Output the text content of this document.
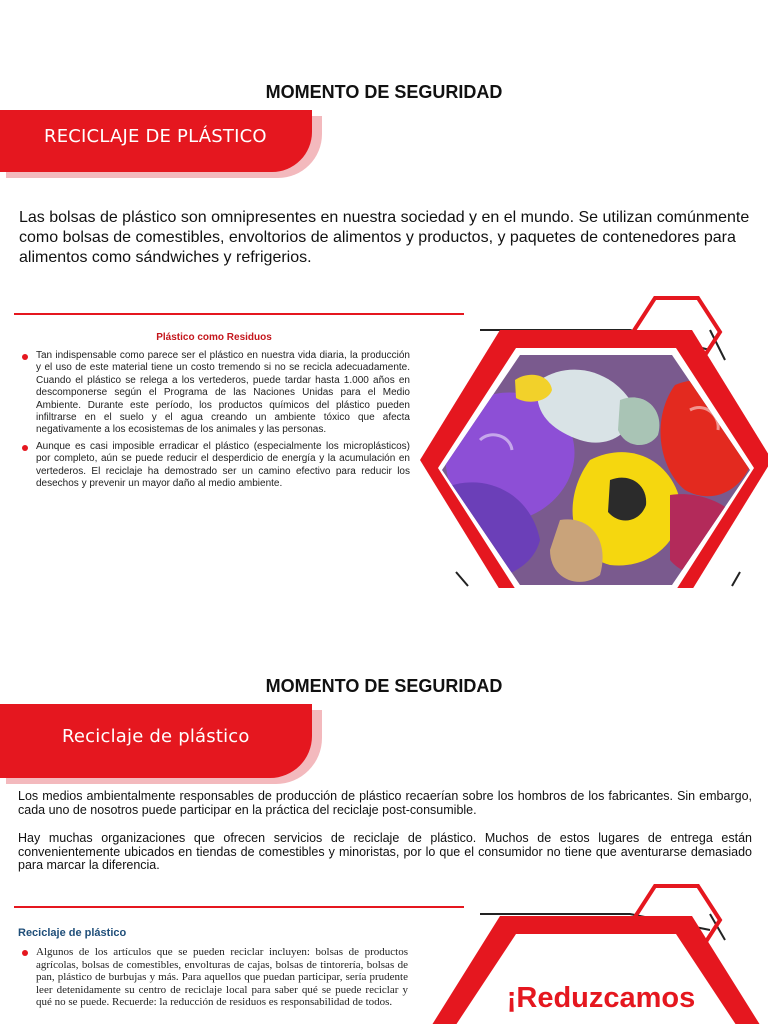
MOMENTO DE SEGURIDAD
RECICLAJE DE PLÁSTICO
Las bolsas de plástico son omnipresentes en nuestra sociedad y en el mundo. Se utilizan comúnmente como bolsas de comestibles, envoltorios de alimentos y productos, y paquetes de contenedores para alimentos como sándwiches y refrigerios.
Plástico como Residuos
Tan indispensable como parece ser el plástico en nuestra vida diaria, la producción y el uso de este material tiene un costo tremendo si no se recicla adecuadamente. Cuando el plástico se relega a los vertederos, puede tardar hasta 1.000 años en descomponerse según el Programa de las Naciones Unidas para el Medio Ambiente. Durante este período, los productos químicos del plástico pueden infiltrarse en el suelo y el agua creando un ambiente tóxico que afecta negativamente a los ecosistemas de los animales y las personas.
Aunque es casi imposible erradicar el plástico (especialmente los microplásticos) por completo, aún se puede reducir el desperdicio de energía y la acumulación en vertederos. El reciclaje ha demostrado ser un camino efectivo para reducir los desechos y prevenir un mayor daño al medio ambiente.
MOMENTO DE SEGURIDAD
Reciclaje de plástico
Los medios ambientalmente responsables de producción de plástico recaerían sobre los hombros de los fabricantes. Sin embargo, cada uno de nosotros puede participar en la práctica del reciclaje post-consumible.
Hay muchas organizaciones que ofrecen servicios de reciclaje de plástico. Muchos de estos lugares de entrega están convenientemente ubicados en tiendas de comestibles y minoristas, por lo que el consumidor no tiene que aventurarse demasiado para marcar la diferencia.
Reciclaje de plástico
Algunos de los artículos que se pueden reciclar incluyen: bolsas de productos agrícolas, bolsas de comestibles, envolturas de cajas, bolsas de tintorería, bolsas de pan, plástico de burbujas y más. Para aquellos que puedan participar, sería prudente leer detenidamente su centro de reciclaje local para saber qué se puede reciclar y qué no se puede. Recuerde: la reducción de residuos es responsabilidad de todos.	¡Reduzcamos
